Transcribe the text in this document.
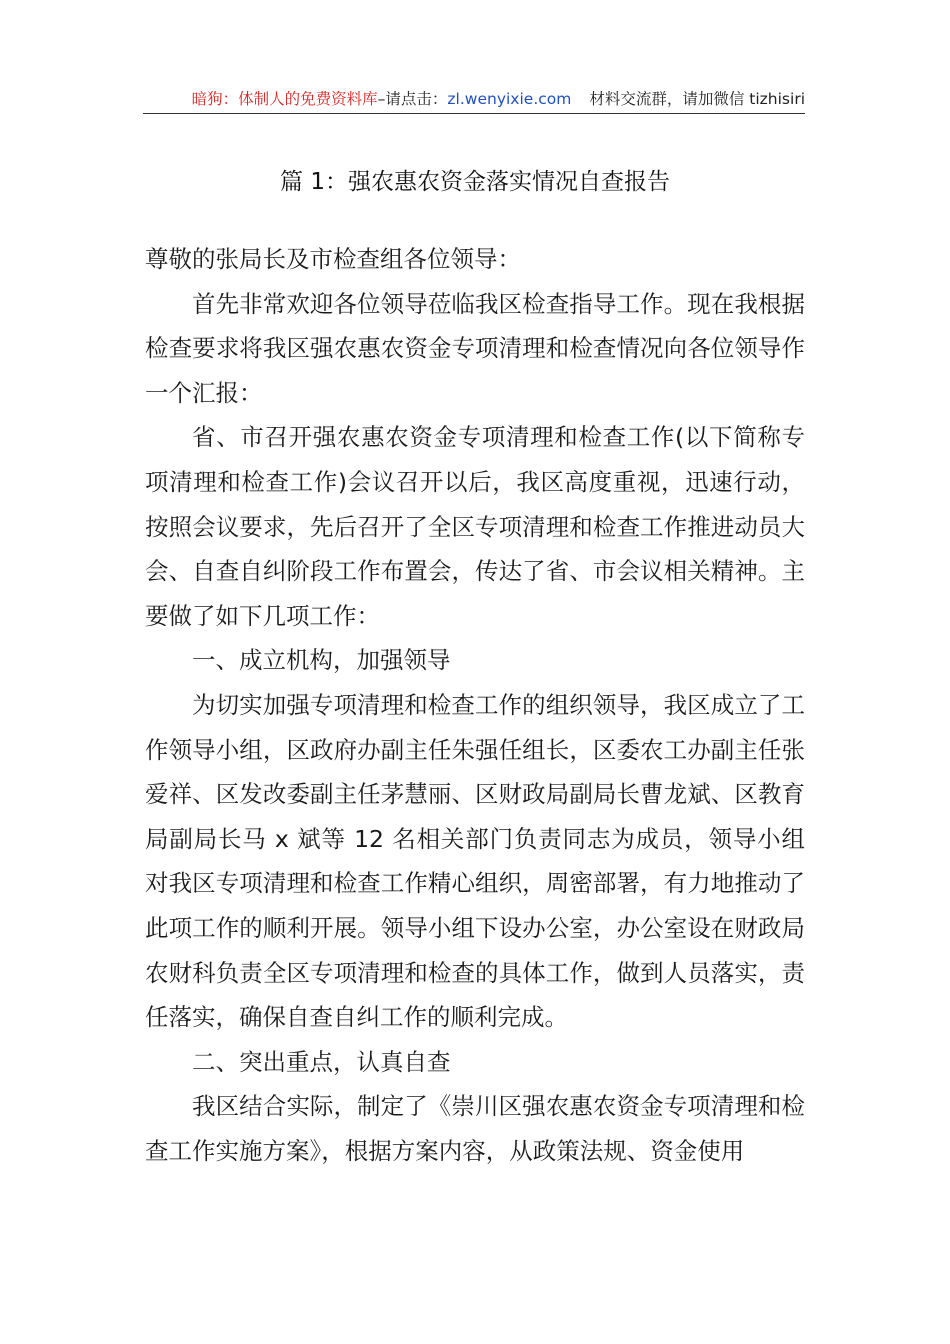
暗狗：体制人的免费资料库–请点击：zl.wenyixie.com 材料交流群，请加微信 tizhisiri
篇 1：强农惠农资金落实情况自查报告

尊敬的张局长及市检查组各位领导：

首先非常欢迎各位领导莅临我区检查指导工作。现在我根据检查要求将我区强农惠农资金专项清理和检查情况向各位领导作一个汇报：

省、市召开强农惠农资金专项清理和检查工作(以下简称专项清理和检查工作)会议召开以后，我区高度重视，迅速行动，按照会议要求，先后召开了全区专项清理和检查工作推进动员大会、自查自纠阶段工作布置会，传达了省、市会议相关精神。主要做了如下几项工作：

一、成立机构，加强领导

为切实加强专项清理和检查工作的组织领导，我区成立了工作领导小组，区政府办副主任朱强任组长，区委农工办副主任张爱祥、区发改委副主任茅慧丽、区财政局副局长曹龙斌、区教育局副局长马 x 斌等 12 名相关部门负责同志为成员，领导小组对我区专项清理和检查工作精心组织，周密部署，有力地推动了此项工作的顺利开展。领导小组下设办公室，办公室设在财政局农财科负责全区专项清理和检查的具体工作，做到人员落实，责任落实，确保自查自纠工作的顺利完成。

二、突出重点，认真自查

我区结合实际，制定了《崇川区强农惠农资金专项清理和检查工作实施方案》，根据方案内容，从政策法规、资金使用
